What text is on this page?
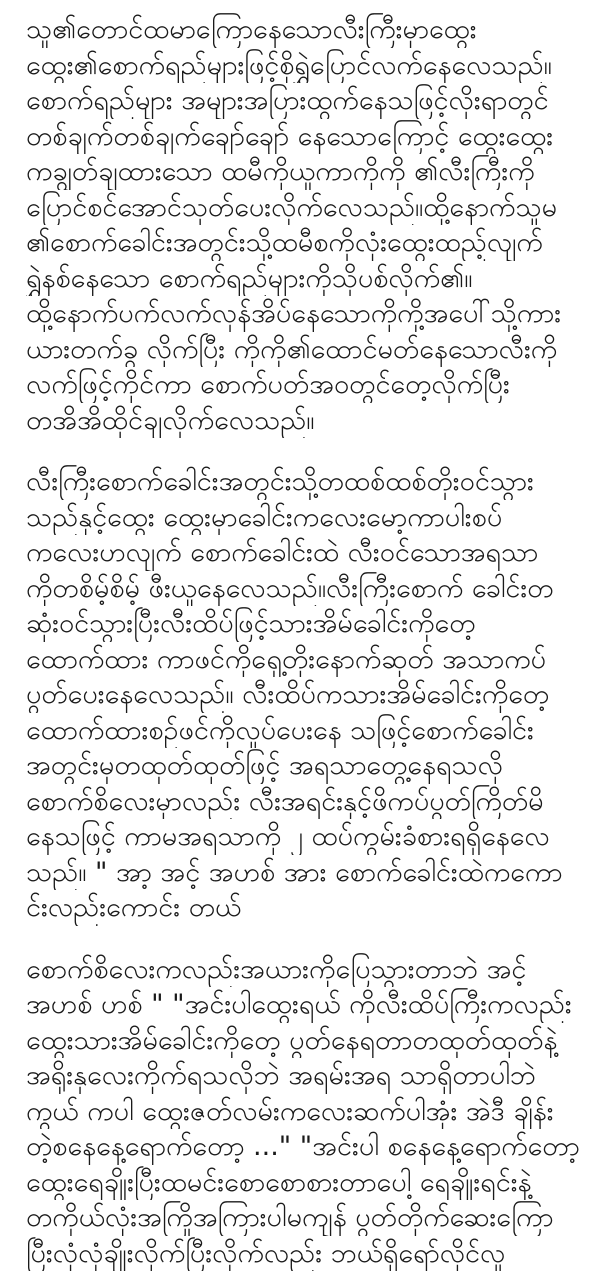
သူ၏တောင်ထမာကြောနေသောလီးကြီးမှာထွေး
ထွေး၏စောက်ရည်များဖြင့်စိုရွှဲပြောင်လက်နေလေသည်။
စောက်ရည်များ အများအပြားထွက်နေသဖြင့်လိုးရာတွင်
တစ်ချက်တစ်ချက်ချော်ချော် နေသောကြောင့် ထွေးထွေး
ကချွတ်ချထားသော ထမီကိုယူကာကိုကို ၏လီးကြီးကို
ပြောင်စင်အောင်သုတ်ပေးလိုက်လေသည်။ထို့နောက်သူမ
၏စောက်ခေါင်းအတွင်းသို့ထမီစကိုလုံးထွေးထည့်လျက်
ရွှဲနစ်နေသော စောက်ရည်များကိုသိုပစ်လိုက်၏။
ထို့နောက်ပက်လက်လှန်အိပ်နေသောကိုကို့အပေါ်သို့ကား
ယားတက်ခွ လိုက်ပြီး ကိုကို၏ထောင်မတ်နေသောလီးကို
လက်ဖြင့်ကိုင်ကာ စောက်ပတ်အဝတွင်တေ့လိုက်ပြီး
တအိအိထိုင်ချလိုက်လေသည်။
လီးကြီးစောက်ခေါင်းအတွင်းသို့တထစ်ထစ်တိုးဝင်သွား
သည်နှင့်ထွေး ထွေးမှာခေါင်းကလေးမော့ကာပါးစပ်
ကလေးဟလျက် စောက်ခေါင်းထဲ လီးဝင်သောအရသာ
ကိုတစိမ့်စိမ့် ဖီးယူနေလေသည်။လီးကြီးစောက် ခေါင်းတ
ဆုံးဝင်သွားပြီးလီးထိပ်ဖြင့်သားအိမ်ခေါင်းကိုတေ့
ထောက်ထား ကာဖင်ကိုရှေ့တိုးနောက်ဆုတ် အသာကပ်
ပွတ်ပေးနေလေသည်။ လီးထိပ်ကသားအိမ်ခေါင်းကိုတေ့
ထောက်ထားစဉ်ဖင်ကိုလှုပ်ပေးနေ သဖြင့်စောက်ခေါင်း
အတွင်းမှတထုတ်ထုတ်ဖြင့် အရသာတွေ့နေရသလို
စောက်စိလေးမှာလည်း လီးအရင်းနှင့်ဖိကပ်ပွတ်ကြိတ်မိ
နေသဖြင့် ကာမအရသာကို ၂ ထပ်ကွမ်းခံစားရရှိနေလေ
သည်။ " အာ့ အင့် အဟစ် အား စောက်ခေါင်းထဲကကော
င်းလည်းကောင်း တယ်
စောက်စိလေးကလည်းအယားကိုပြေသွားတာဘဲ အင့်
အဟစ် ဟစ် " "အင်းပါထွေးရယ် ကိုလီးထိပ်ကြီးကလည်း
ထွေးသားအိမ်ခေါင်းကိုတေ့ ပွတ်နေရတာတထုတ်ထုတ်နဲ့
အရိုးနုလေးကိုက်ရသလိုဘဲ အရမ်းအရ သာရှိတာပါဘဲ
ကွယ် ကပါ ထွေးဇတ်လမ်းကလေးဆက်ပါအုံး အဲဒီ ချိန်း
တဲ့စနေနေ့ရောက်တော့ ..." "အင်းပါ စနေနေ့ရောက်တော့
ထွေးရေချိုးပြီးထမင်းစောစောစားတာပေါ့ ရေချိုးရင်းနဲ့
တကိုယ်လုံးအကြိုအကြားပါမကျန် ပွတ်တိုက်ဆေးကြော
ပြီးလုံလုံချိုးလိုက်ပြီးလိုက်လည်း ဘယ်ရှိရော်လိုင်လူ
